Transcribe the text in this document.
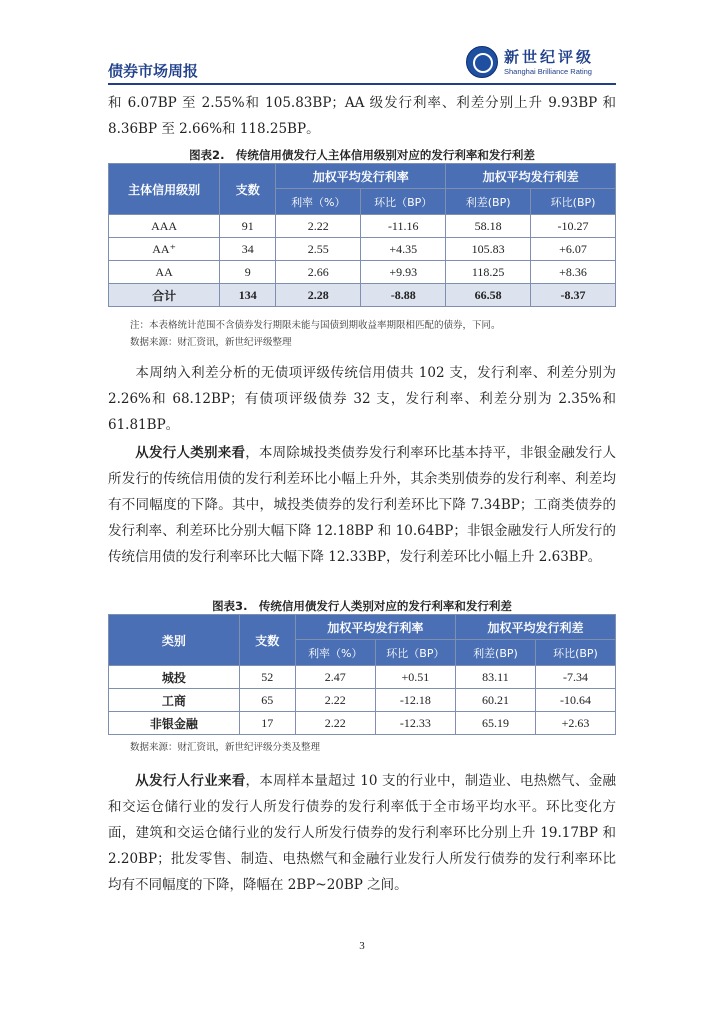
债券市场周报
新世纪评级
Shanghai Brilliance Rating
和 6.07BP 至 2.55%和 105.83BP；AA 级发行利率、利差分别上升 9.93BP 和 8.36BP 至 2.66%和 118.25BP。
图表2.　传统信用债发行人主体信用级别对应的发行利率和发行利差
主体信用级别	支数	加权平均发行利率		加权平均发行利差	
		利率（%）	环比（BP）	利差(BP)	环比(BP)
AAA	91	2.22	-11.16	58.18	-10.27
AA⁺	34	2.55	+4.35	105.83	+6.07
AA	9	2.66	+9.93	118.25	+8.36
合计	134	2.28	-8.88	66.58	-8.37
注：本表格统计范围不含债券发行期限未能与国债到期收益率期限相匹配的债券，下同。
数据来源：财汇资讯，新世纪评级整理
本周纳入利差分析的无债项评级传统信用债共 102 支，发行利率、利差分别为 2.26%和 68.12BP；有债项评级债券 32 支，发行利率、利差分别为 2.35%和 61.81BP。
从发行人类别来看，本周除城投类债券发行利率环比基本持平，非银金融发行人所发行的传统信用债的发行利差环比小幅上升外，其余类别债券的发行利率、利差均有不同幅度的下降。其中，城投类债券的发行利差环比下降 7.34BP；工商类债券的发行利率、利差环比分别大幅下降 12.18BP 和 10.64BP；非银金融发行人所发行的传统信用债的发行利率环比大幅下降 12.33BP，发行利差环比小幅上升 2.63BP。
图表3.　传统信用债发行人类别对应的发行利率和发行利差
类别	支数	加权平均发行利率		加权平均发行利差	
		利率（%）	环比（BP）	利差(BP)	环比(BP)
城投	52	2.47	+0.51	83.11	-7.34
工商	65	2.22	-12.18	60.21	-10.64
非银金融	17	2.22	-12.33	65.19	+2.63
数据来源：财汇资讯，新世纪评级分类及整理
从发行人行业来看，本周样本量超过 10 支的行业中，制造业、电热燃气、金融和交运仓储行业的发行人所发行债券的发行利率低于全市场平均水平。环比变化方面，建筑和交运仓储行业的发行人所发行债券的发行利率环比分别上升 19.17BP 和 2.20BP；批发零售、制造、电热燃气和金融行业发行人所发行债券的发行利率环比均有不同幅度的下降，降幅在 2BP~20BP 之间。
3
